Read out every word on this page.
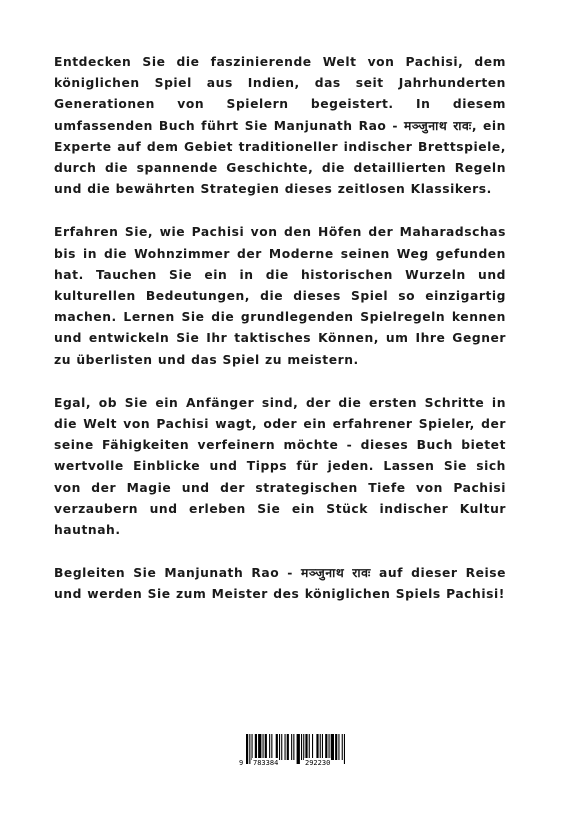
Entdecken Sie die faszinierende Welt von Pachisi, dem königlichen Spiel aus Indien, das seit Jahrhunderten Generationen von Spielern begeistert. In diesem umfassenden Buch führt Sie Manjunath Rao - मञ्जुनाथ रावः, ein Experte auf dem Gebiet traditioneller indischer Brettspiele, durch die spannende Geschichte, die detaillierten Regeln und die bewährten Strategien dieses zeitlosen Klassikers.

Erfahren Sie, wie Pachisi von den Höfen der Maharadschas bis in die Wohnzimmer der Moderne seinen Weg gefunden hat. Tauchen Sie ein in die historischen Wurzeln und kulturellen Bedeutungen, die dieses Spiel so einzigartig machen. Lernen Sie die grundlegenden Spielregeln kennen und entwickeln Sie Ihr taktisches Können, um Ihre Gegner zu überlisten und das Spiel zu meistern.

Egal, ob Sie ein Anfänger sind, der die ersten Schritte in die Welt von Pachisi wagt, oder ein erfahrener Spieler, der seine Fähigkeiten verfeinern möchte - dieses Buch bietet wertvolle Einblicke und Tipps für jeden. Lassen Sie sich von der Magie und der strategischen Tiefe von Pachisi verzaubern und erleben Sie ein Stück indischer Kultur hautnah.

Begleiten Sie Manjunath Rao - मञ्जुनाथ रावः auf dieser Reise und werden Sie zum Meister des königlichen Spiels Pachisi!

9 783384	292230
